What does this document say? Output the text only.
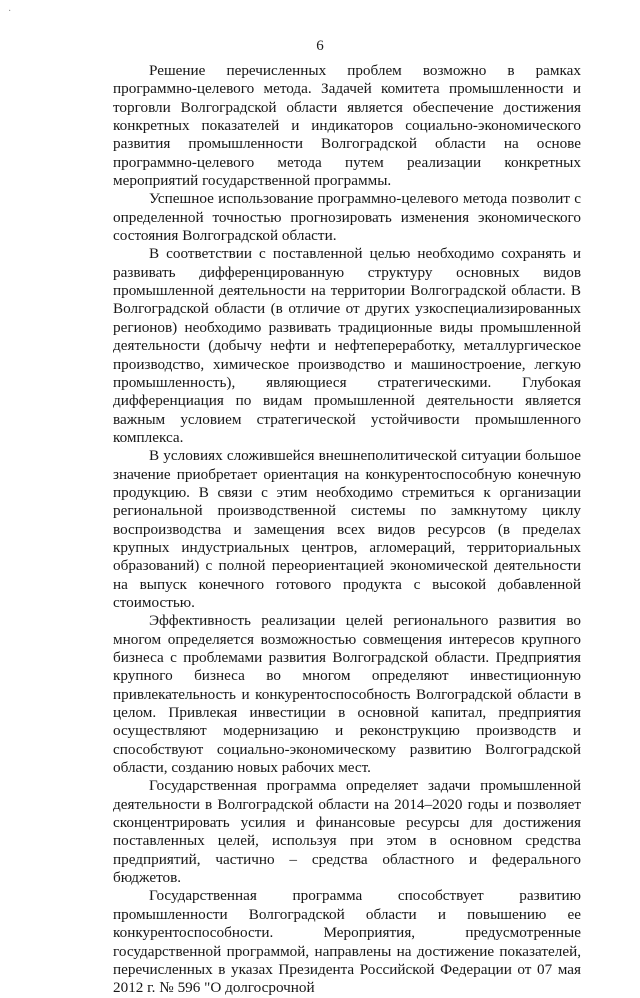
6
·

Решение перечисленных проблем возможно в рамках программно-целевого метода. Задачей комитета промышленности и торговли Волгоградской области является обеспечение достижения конкретных показателей и индикаторов социально-экономического развития промышленности Волгоградской области на основе программно-целевого метода путем реализации конкретных мероприятий государственной программы.

Успешное использование программно-целевого метода позволит с определенной точностью прогнозировать изменения экономического состояния Волгоградской области.

В соответствии с поставленной целью необходимо сохранять и развивать дифференцированную структуру основных видов промышленной деятельности на территории Волгоградской области. В Волгоградской области (в отличие от других узкоспециализированных регионов) необходимо развивать традиционные виды промышленной деятельности (добычу нефти и нефтепереработку, металлургическое производство, химическое производство и машиностроение, легкую промышленность), являющиеся стратегическими. Глубокая дифференциация по видам промышленной деятельности является важным условием стратегической устойчивости промышленного комплекса.

В условиях сложившейся внешнеполитической ситуации большое значение приобретает ориентация на конкурентоспособную конечную продукцию. В связи с этим необходимо стремиться к организации региональной производственной системы по замкнутому циклу воспроизводства и замещения всех видов ресурсов (в пределах крупных индустриальных центров, агломераций, территориальных образований) с полной переориентацией экономической деятельности на выпуск конечного готового продукта с высокой добавленной стоимостью.

Эффективность реализации целей регионального развития во многом определяется возможностью совмещения интересов крупного бизнеса с проблемами развития Волгоградской области. Предприятия крупного бизнеса во многом определяют инвестиционную привлекательность и конкурентоспособность Волгоградской области в целом. Привлекая инвестиции в основной капитал, предприятия осуществляют модернизацию и реконструкцию производств и способствуют социально-экономическому развитию Волгоградской области, созданию новых рабочих мест.

Государственная программа определяет задачи промышленной деятельности в Волгоградской области на 2014–2020 годы и позволяет сконцентрировать усилия и финансовые ресурсы для достижения поставленных целей, используя при этом в основном средства предприятий, частично – средства областного и федерального бюджетов.

Государственная программа способствует развитию промышленности Волгоградской области и повышению ее конкурентоспособности. Мероприятия, предусмотренные государственной программой, направлены на достижение показателей, перечисленных в указах Президента Российской Федерации от 07 мая 2012 г. № 596 "О долгосрочной
